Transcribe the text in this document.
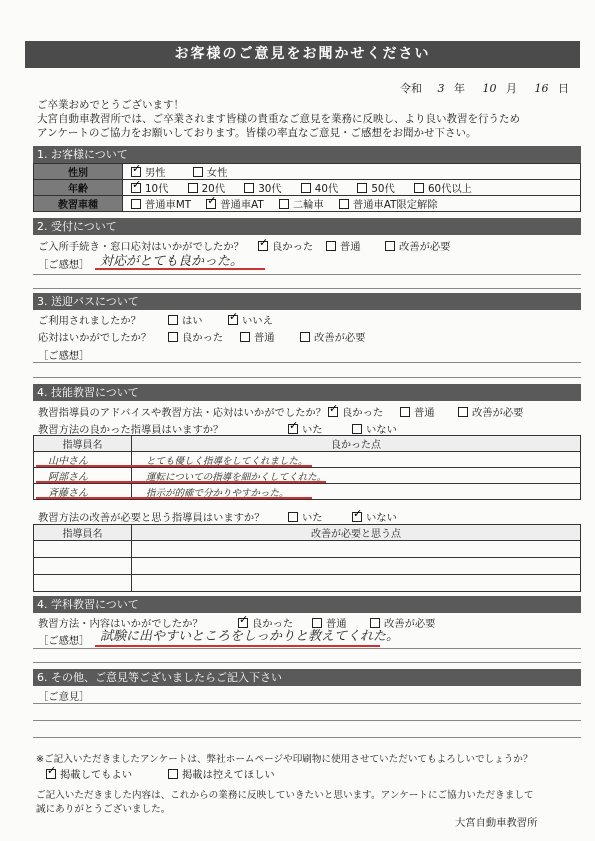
お客様のご意見をお聞かせください
令和 3 年 10 月 16 日
ご卒業おめでとうございます！
大宮自動車教習所では、ご卒業されます皆様の貴重なご意見を業務に反映し、より良い教習を行うため
アンケートのご協力をお願いしております。皆様の率直なご意見・ご感想をお聞かせ下さい。
1. お客様について
性別	✓男性 女性
年齢	✓10代 20代 30代 40代 50代 60代以上
教習車種	普通車MT ✓ 普通車AT 二輪車 普通車AT限定解除
2. 受付について
ご入所手続き・窓口応対はいかがでしたか？ ✓	良かった	普通	改善が必要
［ご感想］ 対応がとても良かった。
3. 送迎バスについて
ご利用されましたか？	はい ✓	いいえ
応対はいかがでしたか？	良かった	普通	改善が必要
［ご感想］
4. 技能教習について
教習指導員のアドバイスや教習方法・応対はいかがでしたか？ ✓	良かった	普通	改善が必要
教習方法の良かった指導員はいますか？ ✓	いた	いない
指導員名	良かった点
山中さん	とても優しく指導をしてくれました。
阿部さん	運転についての指導を細かくしてくれた。
斉藤さん	指示が的確で分かりやすかった。
教習方法の改善が必要と思う指導員はいますか？	いた ✓	いない
指導員名	改善が必要と思う点

4. 学科教習について
教習方法・内容はいかがでしたか？ ✓	良かった	普通	改善が必要
［ご感想］ 試験に出やすいところをしっかりと教えてくれた。
6. その他、ご意見等ございましたらご記入下さい
［ご意見］
※ご記入いただきましたアンケートは、弊社ホームページや印刷物に使用させていただいてもよろしいでしょうか？
✓掲載してもよい	掲載は控えてほしい
ご記入いただきました内容は、これからの業務に反映していきたいと思います。アンケートにご協力いただきまして
誠にありがとうございました。
大宮自動車教習所
